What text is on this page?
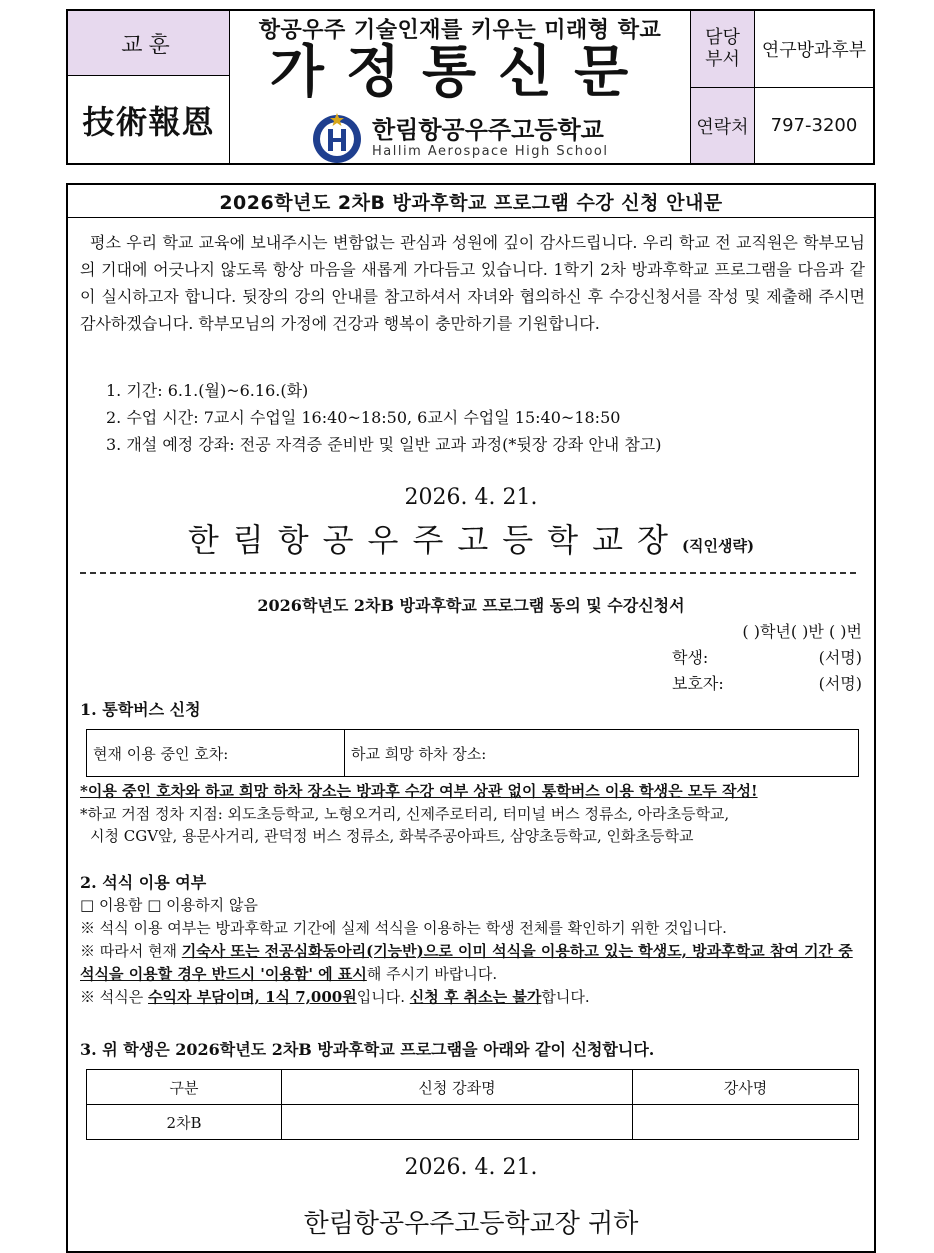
교훈
技術報恩
항공우주 기술인재를 키우는 미래형 학교
가정통신문
한림항공우주고등학교
Hallim Aerospace High School
담당
부서	연구방과후부
연락처	797-3200
2026학년도 2차B 방과후학교 프로그램 수강 신청 안내문

평소 우리 학교 교육에 보내주시는 변함없는 관심과 성원에 깊이 감사드립니다. 우리 학교 전 교직원은 학부모님의 기대에 어긋나지 않도록 항상 마음을 새롭게 가다듬고 있습니다. 1학기 2차 방과후학교 프로그램을 다음과 같이 실시하고자 합니다. 뒷장의 강의 안내를 참고하셔서 자녀와 협의하신 후 수강신청서를 작성 및 제출해 주시면 감사하겠습니다. 학부모님의 가정에 건강과 행복이 충만하기를 기원합니다.

1. 기간: 6.1.(월)~6.16.(화)
2. 수업 시간: 7교시 수업일 16:40~18:50, 6교시 수업일 15:40~18:50
3. 개설 예정 강좌: 전공 자격증 준비반 및 일반 교과 과정(*뒷장 강좌 안내 참고)
2026. 4. 21.
한림항공우주고등학교장(직인생략)
2026학년도 2차B 방과후학교 프로그램 동의 및 수강신청서
( )학년( )반 ( )번
학생:	(서명)
보호자:	(서명)
1. 통학버스 신청
현재 이용 중인 호차:	하교 희망 하차 장소:
*이용 중인 호차와 하교 희망 하차 장소는 방과후 수강 여부 상관 없이 통학버스 이용 학생은 모두 작성!
*하교 거점 정차 지점: 외도초등학교, 노형오거리, 신제주로터리, 터미널 버스 정류소, 아라초등학교,
시청 CGV앞, 용문사거리, 관덕정 버스 정류소, 화북주공아파트, 삼양초등학교, 인화초등학교
2. 석식 이용 여부
□ 이용함 □ 이용하지 않음
※ 석식 이용 여부는 방과후학교 기간에 실제 석식을 이용하는 학생 전체를 확인하기 위한 것입니다.
※ 따라서 현재 기숙사 또는 전공심화동아리(기능반)으로 이미 석식을 이용하고 있는 학생도, 방과후학교 참여 기간 중 석식을 이용할 경우 반드시 '이용함' 에 표시해 주시기 바랍니다.
※ 석식은 수익자 부담이며, 1식 7,000원입니다. 신청 후 취소는 불가합니다.
3. 위 학생은 2026학년도 2차B 방과후학교 프로그램을 아래와 같이 신청합니다.
구분	신청 강좌명	강사명
2차B		
2026. 4. 21.
한림항공우주고등학교장 귀하
